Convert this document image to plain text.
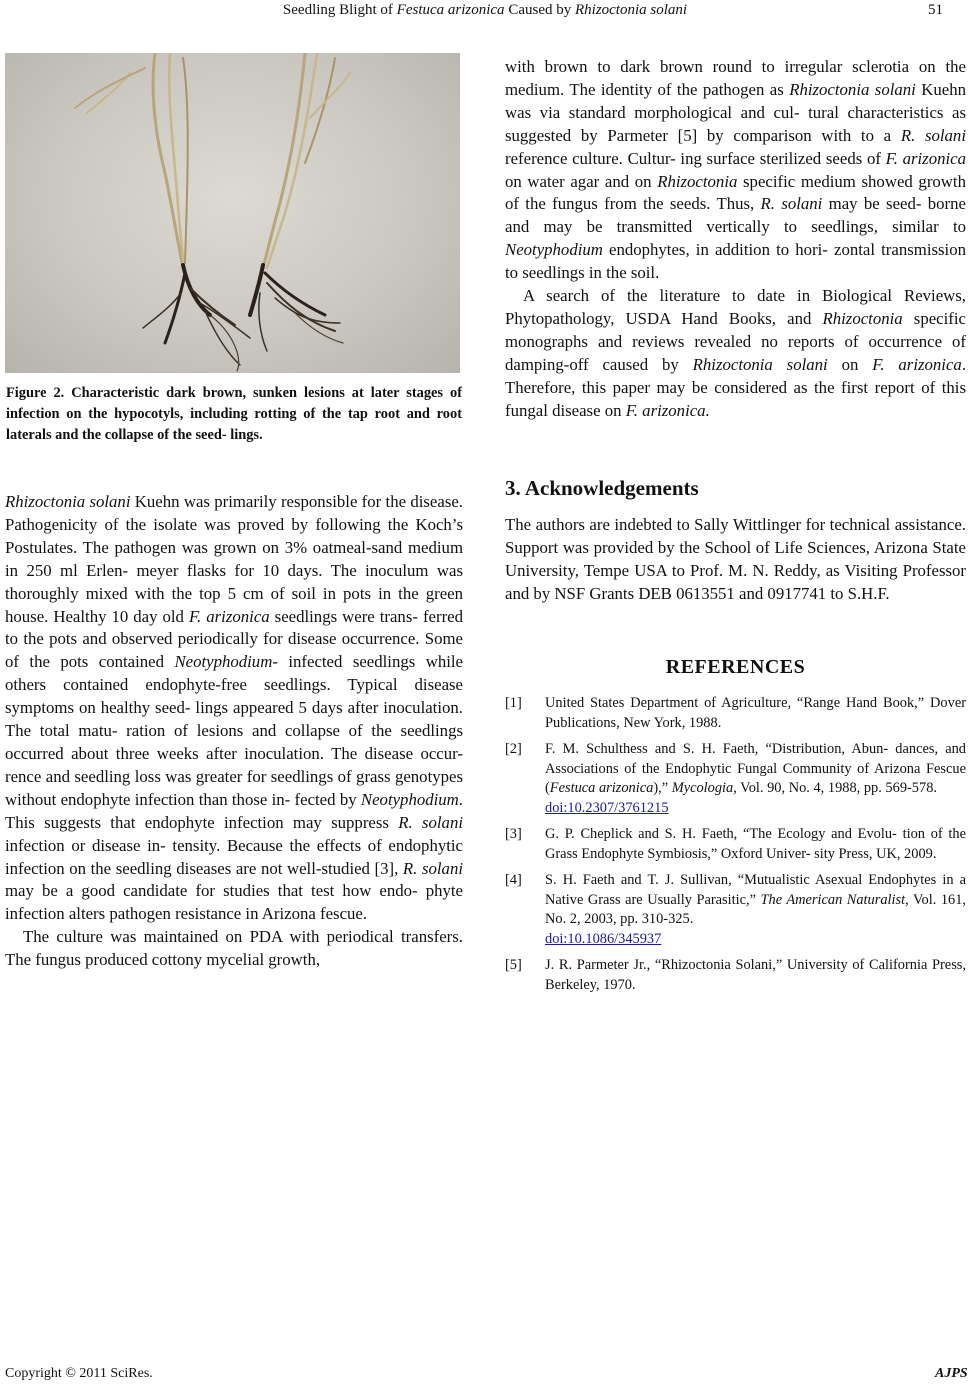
Seedling Blight of Festuca arizonica Caused by Rhizoctonia solani	51
Figure 2. Characteristic dark brown, sunken lesions at later stages of infection on the hypocotyls, including rotting of the tap root and root laterals and the collapse of the seed- lings.

Rhizoctonia solani Kuehn was primarily responsible for the disease. Pathogenicity of the isolate was proved by following the Koch’s Postulates. The pathogen was grown on 3% oatmeal-sand medium in 250 ml Erlen- meyer flasks for 10 days. The inoculum was thoroughly mixed with the top 5 cm of soil in pots in the green house. Healthy 10 day old F. arizonica seedlings were trans- ferred to the pots and observed periodically for disease occurrence. Some of the pots contained Neotyphodium- infected seedlings while others contained endophyte-free seedlings. Typical disease symptoms on healthy seed- lings appeared 5 days after inoculation. The total matu- ration of lesions and collapse of the seedlings occurred about three weeks after inoculation. The disease occur- rence and seedling loss was greater for seedlings of grass genotypes without endophyte infection than those in- fected by Neotyphodium. This suggests that endophyte infection may suppress R. solani infection or disease in- tensity. Because the effects of endophytic infection on the seedling diseases are not well-studied [3], R. solani may be a good candidate for studies that test how endo- phyte infection alters pathogen resistance in Arizona fescue.

The culture was maintained on PDA with periodical transfers. The fungus produced cottony mycelial growth,

with brown to dark brown round to irregular sclerotia on the medium. The identity of the pathogen as Rhizoctonia solani Kuehn was via standard morphological and cul- tural characteristics as suggested by Parmeter [5] by comparison with to a R. solani reference culture. Cultur- ing surface sterilized seeds of F. arizonica on water agar and on Rhizoctonia specific medium showed growth of the fungus from the seeds. Thus, R. solani may be seed- borne and may be transmitted vertically to seedlings, similar to Neotyphodium endophytes, in addition to hori- zontal transmission to seedlings in the soil.

A search of the literature to date in Biological Reviews, Phytopathology, USDA Hand Books, and Rhizoctonia specific monographs and reviews revealed no reports of occurrence of damping-off caused by Rhizoctonia solani on F. arizonica. Therefore, this paper may be considered as the first report of this fungal disease on F. arizonica.

3. Acknowledgements
The authors are indebted to Sally Wittlinger for technical assistance. Support was provided by the School of Life Sciences, Arizona State University, Tempe USA to Prof. M. N. Reddy, as Visiting Professor and by NSF Grants DEB 0613551 and 0917741 to S.H.F.
REFERENCES
[1] United States Department of Agriculture, “Range Hand Book,” Dover Publications, New York, 1988.
[2] F. M. Schulthess and S. H. Faeth, “Distribution, Abun- dances, and Associations of the Endophytic Fungal Community of Arizona Fescue (Festuca arizonica),” Mycologia, Vol. 90, No. 4, 1988, pp. 569-578.
doi:10.2307/3761215
[3] G. P. Cheplick and S. H. Faeth, “The Ecology and Evolu- tion of the Grass Endophyte Symbiosis,” Oxford Univer- sity Press, UK, 2009.
[4] S. H. Faeth and T. J. Sullivan, “Mutualistic Asexual Endophytes in a Native Grass are Usually Parasitic,” The American Naturalist, Vol. 161, No. 2, 2003, pp. 310-325.
doi:10.1086/345937
[5] J. R. Parmeter Jr., “Rhizoctonia Solani,” University of California Press, Berkeley, 1970.
Copyright © 2011 SciRes.	AJPS
